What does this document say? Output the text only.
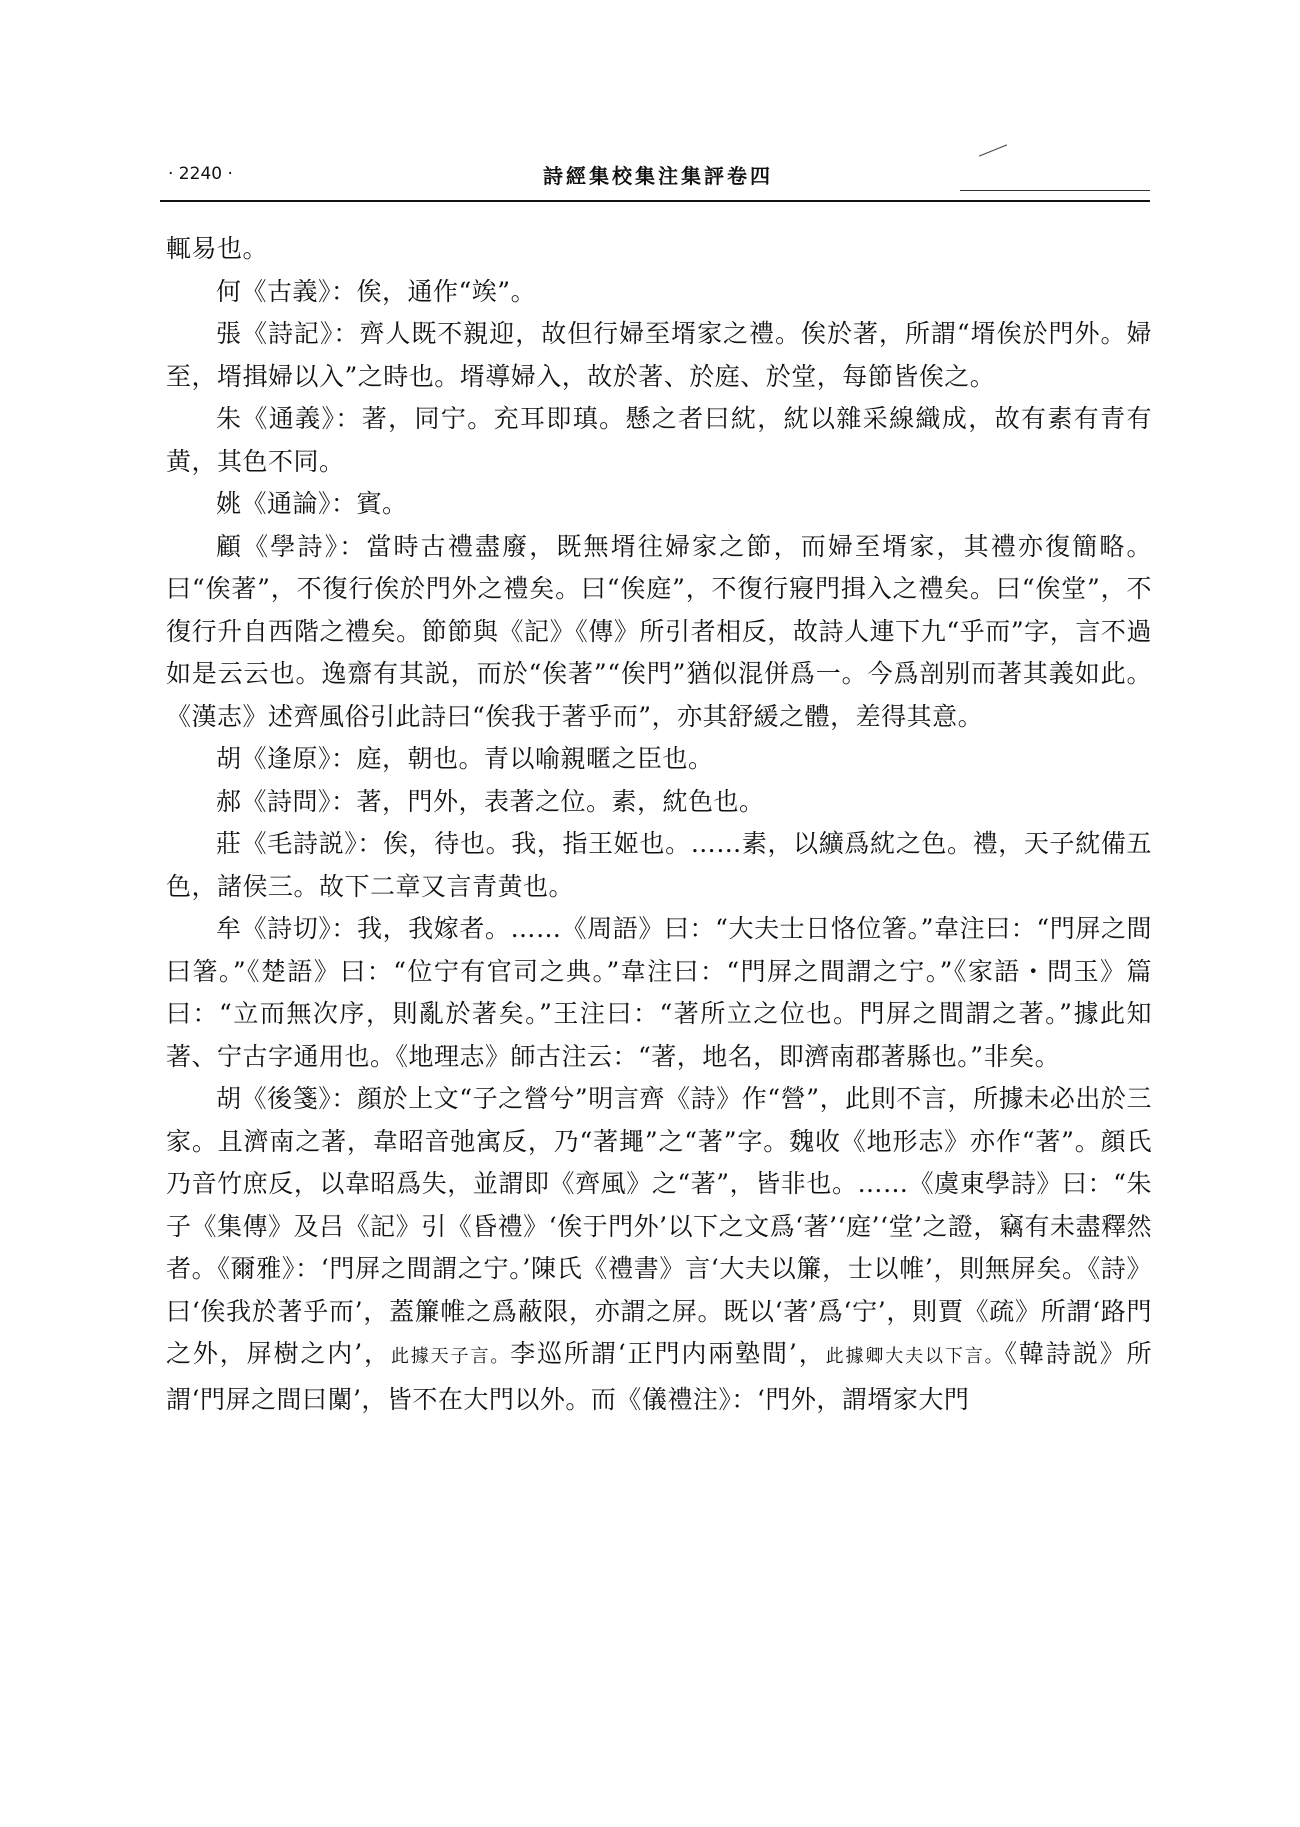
· 2240 ·	詩經集校集注集評卷四

輒易也。

何《古義》：俟，通作“竢”。

張《詩記》：齊人既不親迎，故但行婦至壻家之禮。俟於著，所謂“壻俟於門外。婦至，壻揖婦以入”之時也。壻導婦入，故於著、於庭、於堂，每節皆俟之。

朱《通義》：著，同宁。充耳即瑱。懸之者曰紞，紞以雜采線織成，故有素有青有黄，其色不同。

姚《通論》：賓。

顧《學詩》：當時古禮盡廢，既無壻往婦家之節，而婦至壻家，其禮亦復簡略。曰“俟著”，不復行俟於門外之禮矣。曰“俟庭”，不復行寢門揖入之禮矣。曰“俟堂”，不復行升自西階之禮矣。節節與《記》《傳》所引者相反，故詩人連下九“乎而”字，言不過如是云云也。逸齋有其説，而於“俟著”“俟門”猶似混併爲一。今爲剖别而著其義如此。《漢志》述齊風俗引此詩曰“俟我于著乎而”，亦其舒緩之體，差得其意。

胡《逢原》：庭，朝也。青以喻親暱之臣也。

郝《詩問》：著，門外，表著之位。素，紞色也。

莊《毛詩説》：俟，待也。我，指王姬也。……素，以纊爲紞之色。禮，天子紞備五色，諸侯三。故下二章又言青黄也。

牟《詩切》：我，我嫁者。……《周語》曰：“大夫士日恪位箸。”韋注曰：“門屏之間曰箸。”《楚語》曰：“位宁有官司之典。”韋注曰：“門屏之間謂之宁。”《家語・問玉》篇曰：“立而無次序，則亂於著矣。”王注曰：“著所立之位也。門屏之間謂之著。”據此知著、宁古字通用也。《地理志》師古注云：“著，地名，即濟南郡著縣也。”非矣。

胡《後箋》：顔於上文“子之營兮”明言齊《詩》作“營”，此則不言，所據未必出於三家。且濟南之著，韋昭音弛㝢反，乃“著䵷”之“著”字。魏收《地形志》亦作“著”。顔氏乃音竹庶反，以韋昭爲失，並謂即《齊風》之“著”，皆非也。……《虞東學詩》曰：“朱子《集傳》及吕《記》引《昏禮》‘俟于門外’以下之文爲‘著’‘庭’‘堂’之證，竊有未盡釋然者。《爾雅》：‘門屏之間謂之宁。’陳氏《禮書》言‘大夫以簾，士以帷’，則無屏矣。《詩》曰‘俟我於著乎而’，蓋簾帷之爲蔽限，亦謂之屏。既以‘著’爲‘宁’，則賈《疏》所謂‘路門之外，屏樹之内’，此據天子言。李巡所謂‘正門内兩塾間’，此據卿大夫以下言。《韓詩説》所謂‘門屏之間曰闑’，皆不在大門以外。而《儀禮注》：‘門外，謂壻家大門
